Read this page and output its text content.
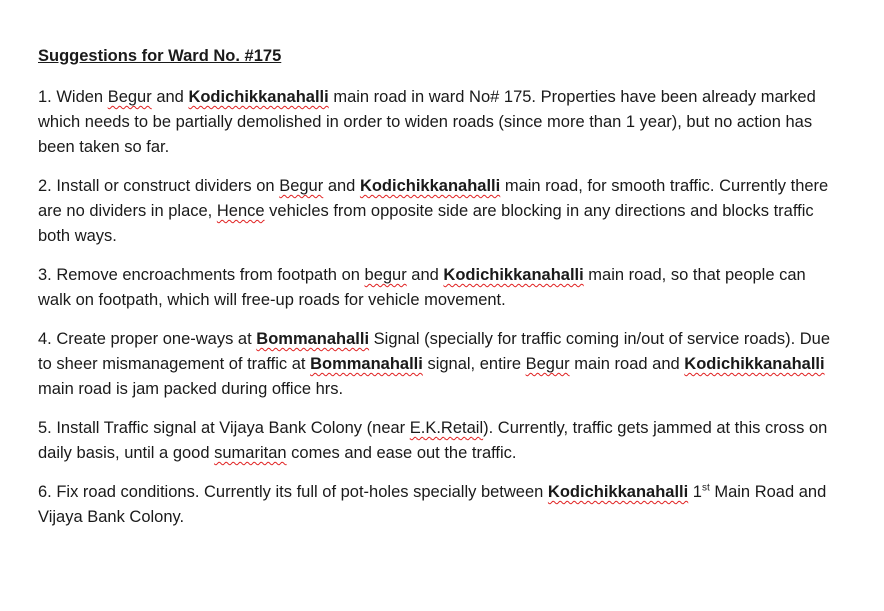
Suggestions for Ward No. #175

1. Widen Begur and Kodichikkanahalli main road in ward No# 175. Properties have been already marked which needs to be partially demolished in order to widen roads (since more than 1 year), but no action has been taken so far.

2. Install or construct dividers on Begur and Kodichikkanahalli main road, for smooth traffic. Currently there are no dividers in place, Hence vehicles from opposite side are blocking in any directions and blocks traffic both ways.

3. Remove encroachments from footpath on begur and Kodichikkanahalli main road, so that people can walk on footpath, which will free-up roads for vehicle movement.

4. Create proper one-ways at Bommanahalli Signal (specially for traffic coming in/out of service roads). Due to sheer mismanagement of traffic at Bommanahalli signal, entire Begur main road and Kodichikkanahalli main road is jam packed during office hrs.

5. Install Traffic signal at Vijaya Bank Colony (near E.K.Retail). Currently, traffic gets jammed at this cross on daily basis, until a good sumaritan comes and ease out the traffic.

6. Fix road conditions. Currently its full of pot-holes specially between Kodichikkanahalli 1st Main Road and Vijaya Bank Colony.
